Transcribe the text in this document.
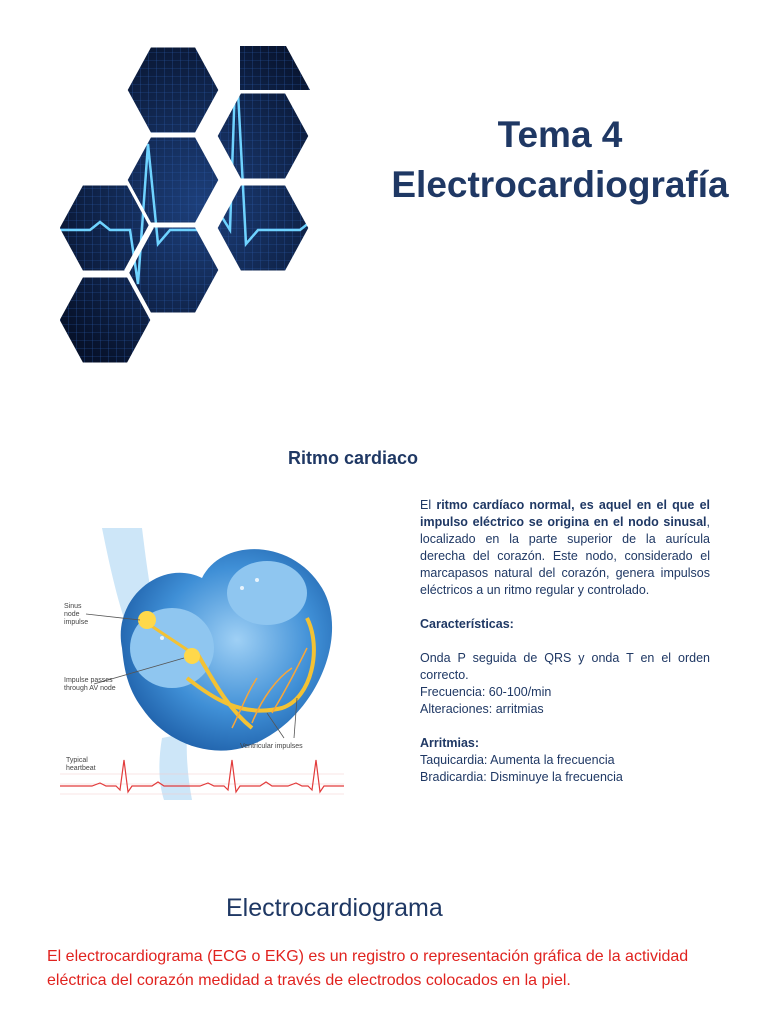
Tema 4
Electrocardiografía
Ritmo cardiaco
Sinus
node
impulse
Impulse passes
through AV node
Ventricular impulses
Typical
heartbeat

El ritmo cardíaco normal, es aquel en el que el impulso eléctrico se origina en el nodo sinusal, localizado en la parte superior de la aurícula derecha del corazón. Este nodo, considerado el marcapasos natural del corazón, genera impulsos eléctricos a un ritmo regular y controlado.

Características:

Onda P seguida de QRS y onda T en el orden correcto.

Frecuencia: 60-100/min

Alteraciones: arritmias

Arritmias:

Taquicardia: Aumenta la frecuencia

Bradicardia: Disminuye la frecuencia

Electrocardiograma
El electrocardiograma (ECG o EKG) es un registro o representación gráfica de la actividad eléctrica del corazón medidad a través de electrodos colocados en la piel.
